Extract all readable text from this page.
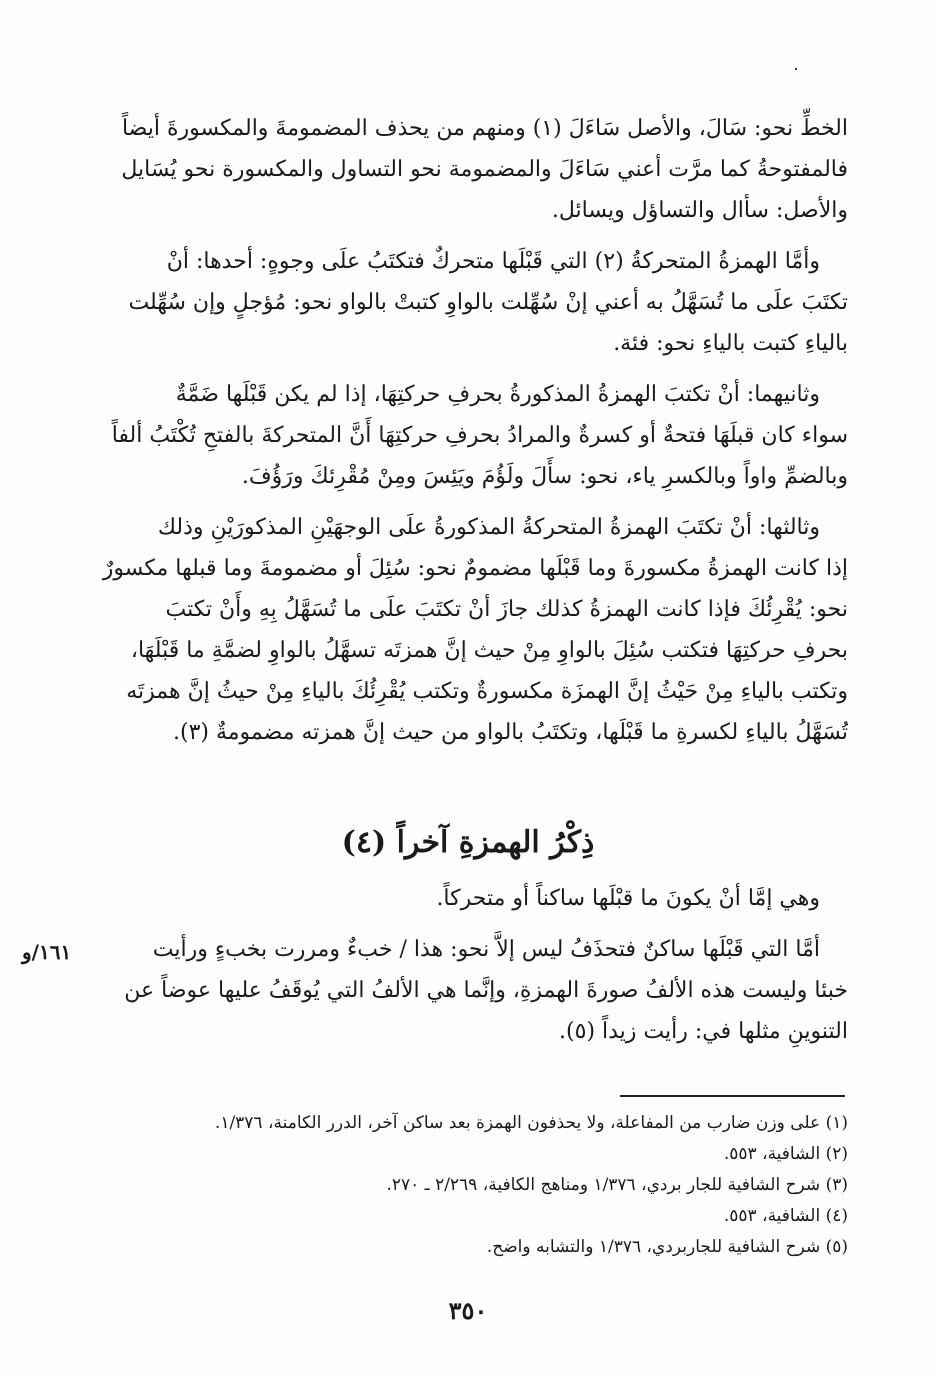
الخطِّ نحو: سَالَ، والأصل سَاءَلَ (١) ومنهم من يحذف المضمومةَ والمكسورةَ أيضاً
فالمفتوحةُ كما مرَّت أعني سَاءَلَ والمضمومة نحو التساول والمكسورة نحو يُسَايل
والأصل: سأال والتساؤل ويسائل.
وأمَّا الهمزةُ المتحركةُ (٢) التي قَبْلَها متحركٌ فتكتَبُ علَى وجوهٍ: أحدها: أنْ
تكتَبَ علَى ما تُسَهَّلُ به أعني إنْ سُهِّلت بالواوِ كتبتْ بالواو نحو: مُؤجلٍ وإن سُهِّلت
بالياءِ كتبت بالياءِ نحو: فئة.
وثانيهما: أنْ تكتبَ الهمزةُ المذكورةُ بحرفِ حركتِهَا، إذا لم يكن قَبْلَها ضَمَّةٌ
سواء كان قبلَهَا فتحةٌ أو كسرةٌ والمرادُ بحرفِ حركتِهَا أَنَّ المتحركةَ بالفتحِ تُكْتَبُ ألفاً
وبالضمِّ واواً وبالكسرِ ياء، نحو: سأَلَ ولَؤُمَ ويَئِسَ ومِنْ مُقْرِئكَ ورَؤُفَ.
وثالثها: أنْ تكتَبَ الهمزةُ المتحركةُ المذكورةُ علَى الوجهَيْنِ المذكورَيْنِ وذلك
إذا كانت الهمزةُ مكسورةَ وما قَبْلَها مضمومٌ نحو: سُئِلَ أو مضمومةَ وما قبلها مكسورٌ
نحو: يُقْرِئُكَ فإذا كانت الهمزةُ كذلك جازَ أنْ تكتَبَ علَى ما تُسَهَّلُ بِهِ وأَنْ تكتبَ
بحرفِ حركتِهَا فتكتب سُئِلَ بالواوِ مِنْ حيث إنَّ همزتَه تسهَّلُ بالواوِ لضمَّةِ ما قَبْلَهَا،
وتكتب بالياءِ مِنْ حَيْثُ إنَّ الهمزَة مكسورةٌ وتكتب يُقْرِئُكَ بالياءِ مِنْ حيثُ إنَّ همزتَه
تُسَهَّلُ بالياءِ لكسرةِ ما قَبْلَها، وتكتَبُ بالواو من حيث إنَّ همزته مضمومةٌ (٣).
ذِكْرُ الهمزةِ آخراً (٤)
وهي إمَّا أنْ يكونَ ما قبْلَها ساكناً أو متحركاً.
أمَّا التي قَبْلَها ساكنٌ فتحذَفُ ليس إلاَّ نحو: هذا / خبءٌ ومررت بخبءٍ ورأيت
خبئا وليست هذه الألفُ صورةَ الهمزةِ، وإنَّما هي الألفُ التي يُوقَفُ عليها عوضاً عن
التنوينِ مثلها في: رأيت زيداً (٥).
١٦١/و
(١) على وزن ضارب من المفاعلة، ولا يحذفون الهمزة بعد ساكن آخر، الدرر الكامنة، ١/٣٧٦.
(٢) الشافية، ٥٥٣.
(٣) شرح الشافية للجار بردي، ١/٣٧٦ ومناهج الكافية، ٢/٢٦٩ ـ ٢٧٠.
(٤) الشافية، ٥٥٣.
(٥) شرح الشافية للجاربردي، ١/٣٧٦ والتشابه واضح.
٣٥٠
